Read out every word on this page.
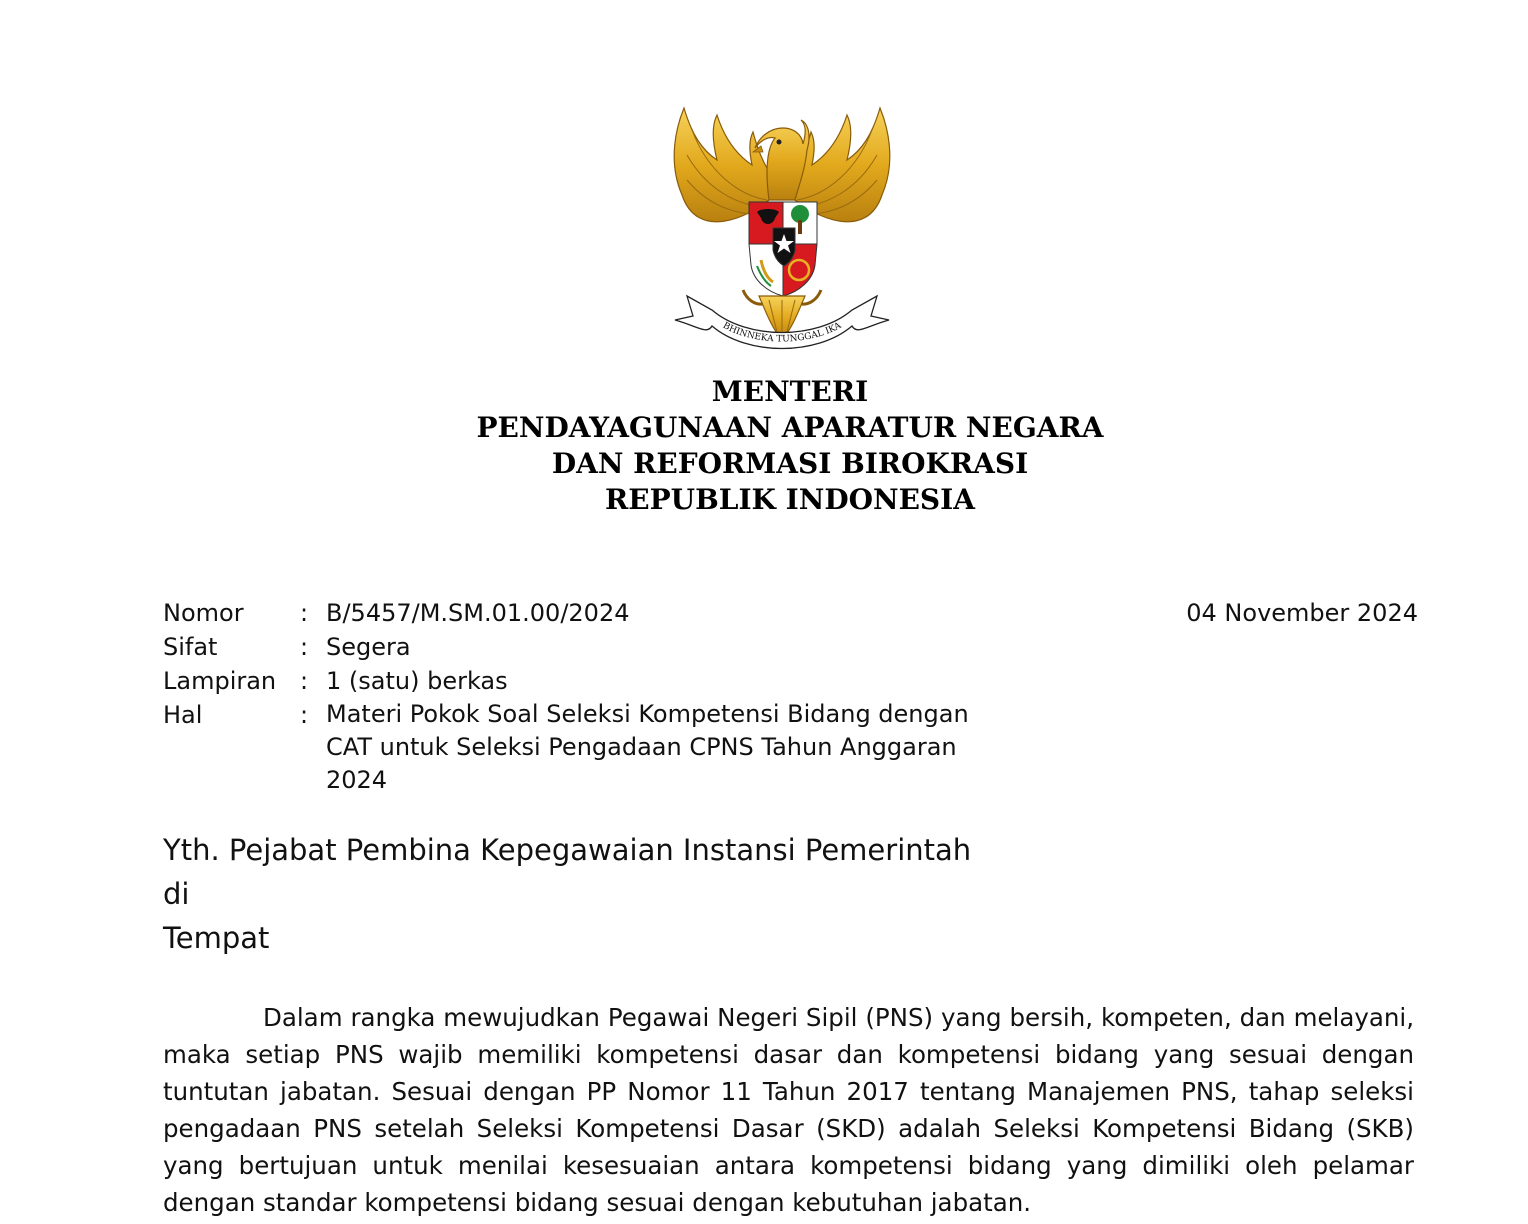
BHINNEKA TUNGGAL IKA
MENTERI
PENDAYAGUNAAN APARATUR NEGARA
DAN REFORMASI BIROKRASI
REPUBLIK INDONESIA
Nomor	: B/5457/M.SM.01.00/2024
Sifat	: Segera
Lampiran : 1 (satu) berkas
Hal	: Materi Pokok Soal Seleksi Kompetensi Bidang dengan
CAT untuk Seleksi Pengadaan CPNS Tahun Anggaran
2024
04 November 2024
Yth. Pejabat Pembina Kepegawaian Instansi Pemerintah
di
Tempat

Dalam rangka mewujudkan Pegawai Negeri Sipil (PNS) yang bersih, kompeten, dan melayani, maka setiap PNS wajib memiliki kompetensi dasar dan kompetensi bidang yang sesuai dengan tuntutan jabatan. Sesuai dengan PP Nomor 11 Tahun 2017 tentang Manajemen PNS, tahap seleksi pengadaan PNS setelah Seleksi Kompetensi Dasar (SKD) adalah Seleksi Kompetensi Bidang (SKB) yang bertujuan untuk menilai kesesuaian antara kompetensi bidang yang dimiliki oleh pelamar dengan standar kompetensi bidang sesuai dengan kebutuhan jabatan.
